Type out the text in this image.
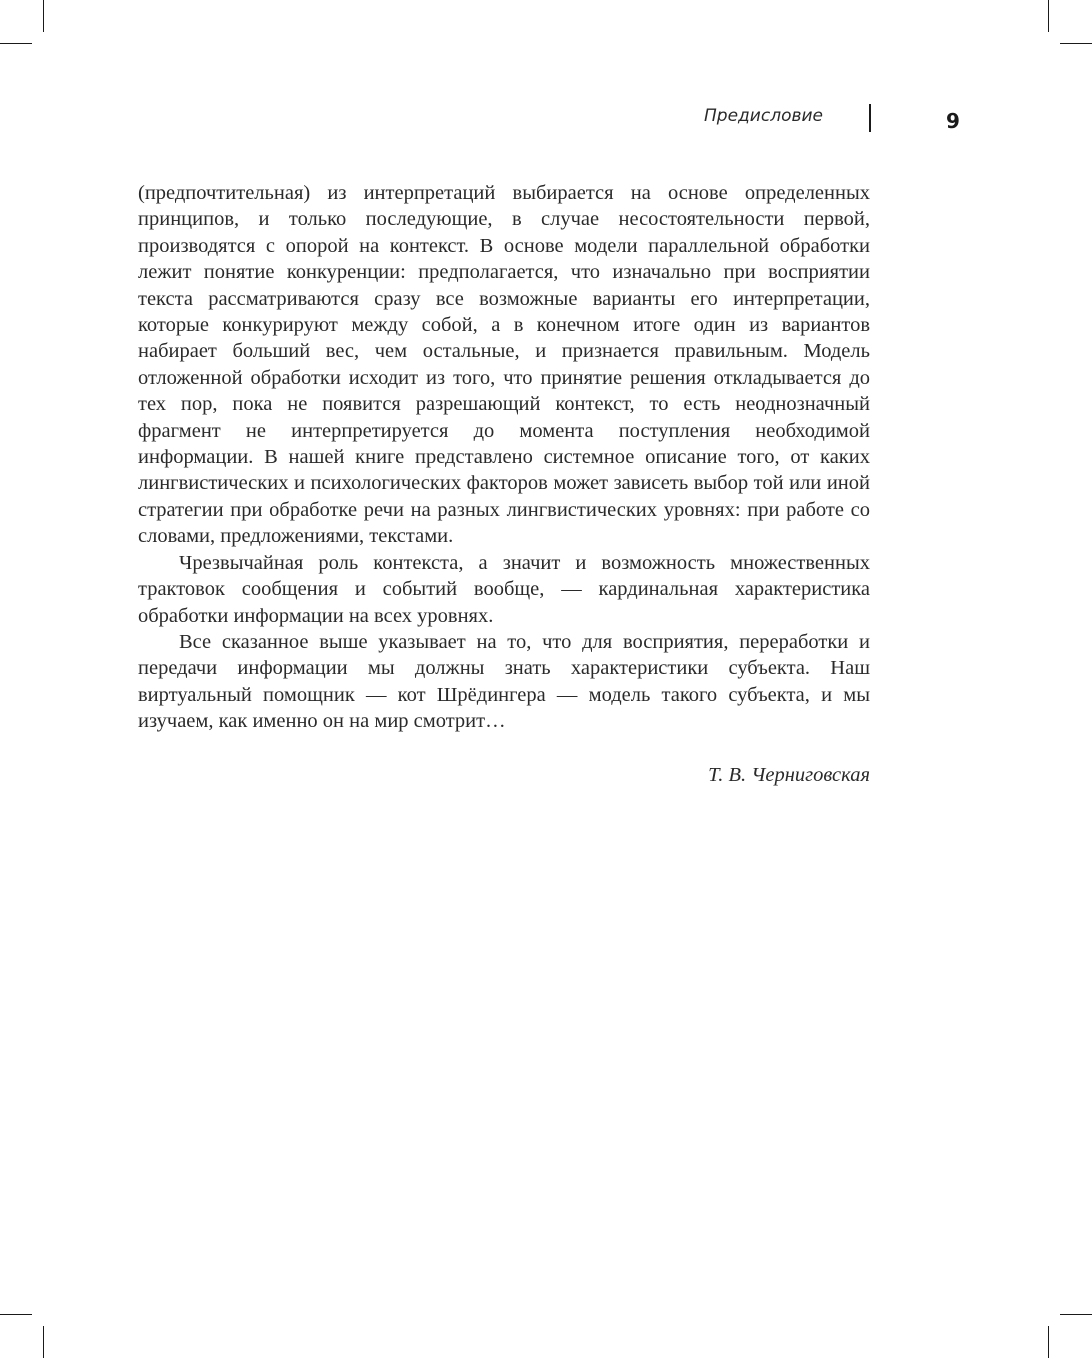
Предисловие	9

(предпочтительная) из интерпретаций выбирается на основе определенных принципов, и только последующие, в случае несостоятельности первой, производятся с опорой на контекст. В основе модели параллельной обработки лежит понятие конкуренции: предполагается, что изначально при восприятии текста рассматриваются сразу все возможные варианты его интерпретации, которые конкурируют между собой, а в конечном итоге один из вариантов набирает больший вес, чем остальные, и признается правильным. Модель отложенной обработки исходит из того, что принятие решения откладывается до тех пор, пока не появится разрешающий контекст, то есть неоднозначный фрагмент не интерпретируется до момента поступления необходимой информации. В нашей книге представлено системное описание того, от каких лингвистических и психологических факторов может зависеть выбор той или иной стратегии при обработке речи на разных лингвистических уровнях: при работе со словами, предложениями, текстами.

Чрезвычайная роль контекста, а значит и возможность множественных трактовок сообщения и событий вообще, — кардинальная характеристика обработки информации на всех уровнях.

Все сказанное выше указывает на то, что для восприятия, переработки и передачи информации мы должны знать характеристики субъекта. Наш виртуальный помощник — кот Шрёдингера — модель такого субъекта, и мы изучаем, как именно он на мир смотрит…

Т. В. Черниговская
